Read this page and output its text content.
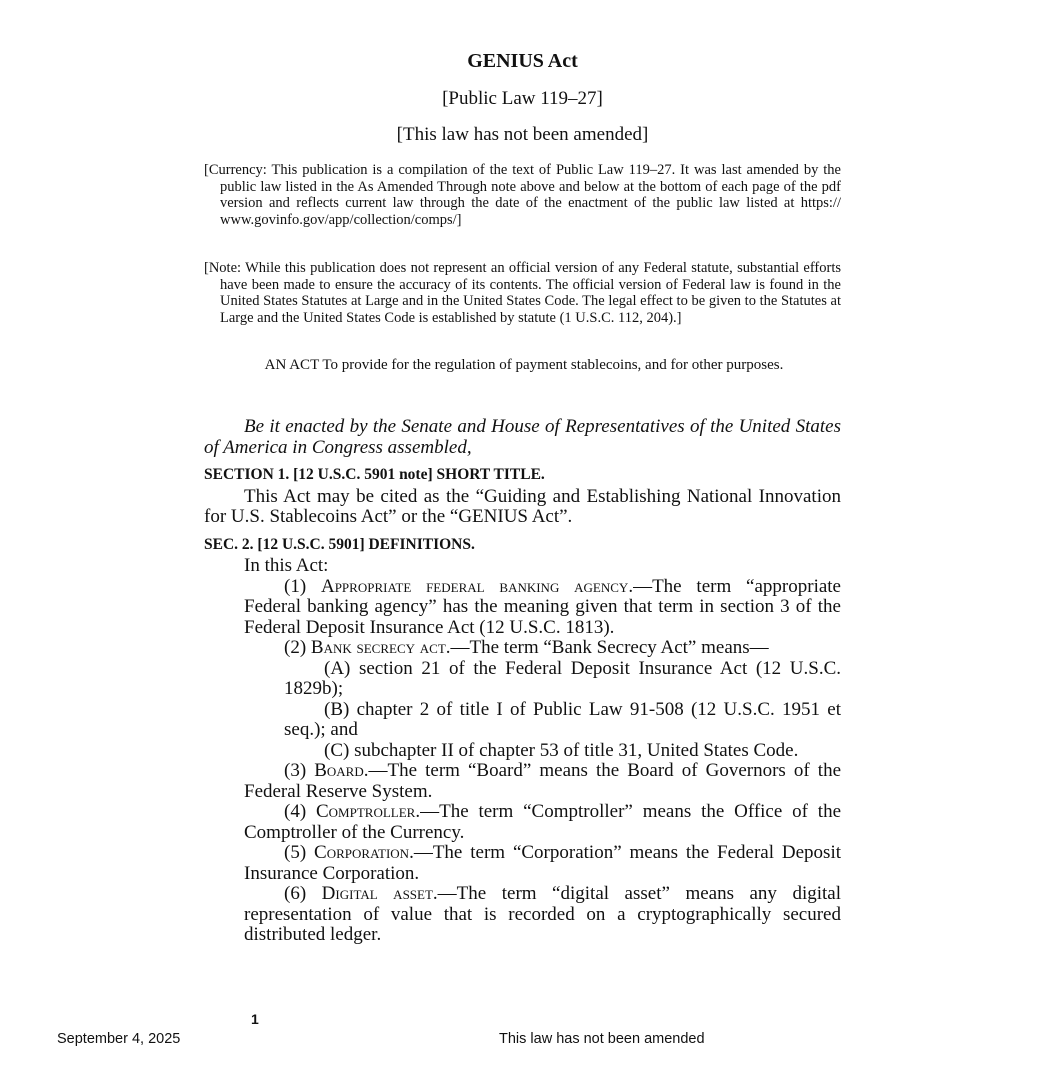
GENIUS Act
[Public Law 119–27]
[This law has not been amended]
[Currency: This publication is a compilation of the text of Public Law 119–27. It was last amended by the public law listed in the As Amended Through note above and below at the bottom of each page of the pdf version and reflects current law through the date of the enactment of the public law listed at https:// www.govinfo.gov/app/collection/comps/]
[Note: While this publication does not represent an official version of any Federal statute, substantial efforts have been made to ensure the accuracy of its contents. The official version of Federal law is found in the United States Statutes at Large and in the United States Code. The legal effect to be given to the Statutes at Large and the United States Code is established by statute (1 U.S.C. 112, 204).]
AN ACT To provide for the regulation of payment stablecoins, and for other purposes.

Be it enacted by the Senate and House of Representatives of the United States of America in Congress assembled,

SECTION 1. [12 U.S.C. 5901 note] SHORT TITLE.

This Act may be cited as the “Guiding and Establishing National Innovation for U.S. Stablecoins Act” or the “GENIUS Act”.

SEC. 2. [12 U.S.C. 5901] DEFINITIONS.

In this Act:

(1) Appropriate federal banking agency.—The term “appropriate Federal banking agency” has the meaning given that term in section 3 of the Federal Deposit Insurance Act (12 U.S.C. 1813).

(2) Bank secrecy act.—The term “Bank Secrecy Act” means—

(A) section 21 of the Federal Deposit Insurance Act (12 U.S.C. 1829b);

(B) chapter 2 of title I of Public Law 91-508 (12 U.S.C. 1951 et seq.); and

(C) subchapter II of chapter 53 of title 31, United States Code.

(3) Board.—The term “Board” means the Board of Governors of the Federal Reserve System.

(4) Comptroller.—The term “Comptroller” means the Office of the Comptroller of the Currency.

(5) Corporation.—The term “Corporation” means the Federal Deposit Insurance Corporation.

(6) Digital asset.—The term “digital asset” means any digital representation of value that is recorded on a cryptographically secured distributed ledger.

1
September 4, 2025	This law has not been amended
